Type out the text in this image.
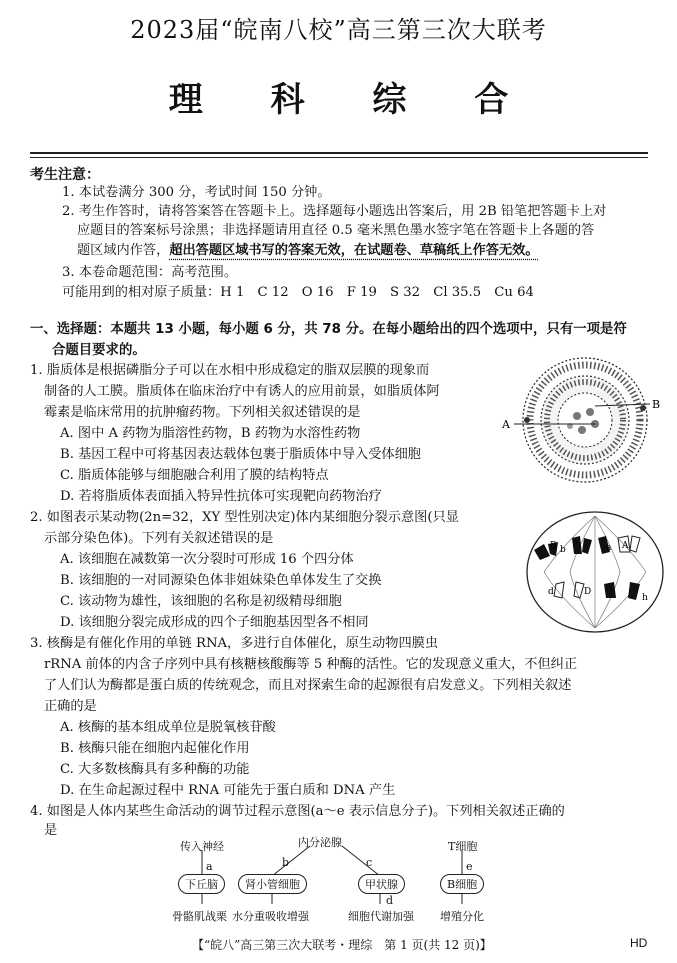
2023届“皖南八校”高三第三次大联考
理 科 综 合
考生注意：
1. 本试卷满分 300 分，考试时间 150 分钟。
2. 考生作答时，请将答案答在答题卡上。选择题每小题选出答案后，用 2B 铅笔把答题卡上对
应题目的答案标号涂黑；非选择题请用直径 0.5 毫米黑色墨水签字笔在答题卡上各题的答
题区域内作答，超出答题区域书写的答案无效，在试题卷、草稿纸上作答无效。
3. 本卷命题范围：高考范围。
可能用到的相对原子质量：H 1　C 12　O 16　F 19　S 32　Cl 35.5　Cu 64
一、选择题：本题共 13 小题，每小题 6 分，共 78 分。在每小题给出的四个选项中，只有一项是符
合题目要求的。
1. 脂质体是根据磷脂分子可以在水相中形成稳定的脂双层膜的现象而
制备的人工膜。脂质体在临床治疗中有诱人的应用前景，如脂质体阿
霉素是临床常用的抗肿瘤药物。下列相关叙述错误的是
A. 图中 A 药物为脂溶性药物，B 药物为水溶性药物
B. 基因工程中可将基因表达载体包裹于脂质体中导入受体细胞
C. 脂质体能够与细胞融合利用了膜的结构特点
D. 若将脂质体表面插入特异性抗体可实现靶向药物治疗
A
B
2. 如图表示某动物(2n=32，XY 型性别决定)体内某细胞分裂示意图(只显
示部分染色体)。下列有关叙述错误的是
A. 该细胞在减数第一次分裂时可形成 16 个四分体
B. 该细胞的一对同源染色体非姐妹染色单体发生了交换
C. 该动物为雄性，该细胞的名称是初级精母细胞
D. 该细胞分裂完成形成的四个子细胞基因型各不相同
B b	a A
d	D
h
3. 核酶是有催化作用的单链 RNA，多进行自体催化，原生动物四膜虫
rRNA 前体的内含子序列中具有核糖核酸酶等 5 种酶的活性。它的发现意义重大，不但纠正
了人们认为酶都是蛋白质的传统观念，而且对探索生命的起源很有启发意义。下列相关叙述
正确的是
A. 核酶的基本组成单位是脱氧核苷酸
B. 核酶只能在细胞内起催化作用
C. 大多数核酶具有多种酶的功能
D. 在生命起源过程中 RNA 可能先于蛋白质和 DNA 产生
4. 如图是人体内某些生命活动的调节过程示意图(a～e 表示信息分子)。下列相关叙述正确的
是
传入神经	内分泌腺	T细胞
a	b	c
d
e
下丘脑	肾小管细胞	甲状腺	B细胞
骨骼肌战栗 水分重吸收增强	细胞代谢加强 增殖分化
【“皖八”高三第三次大联考・理综　第 1 页(共 12 页)】	HD
